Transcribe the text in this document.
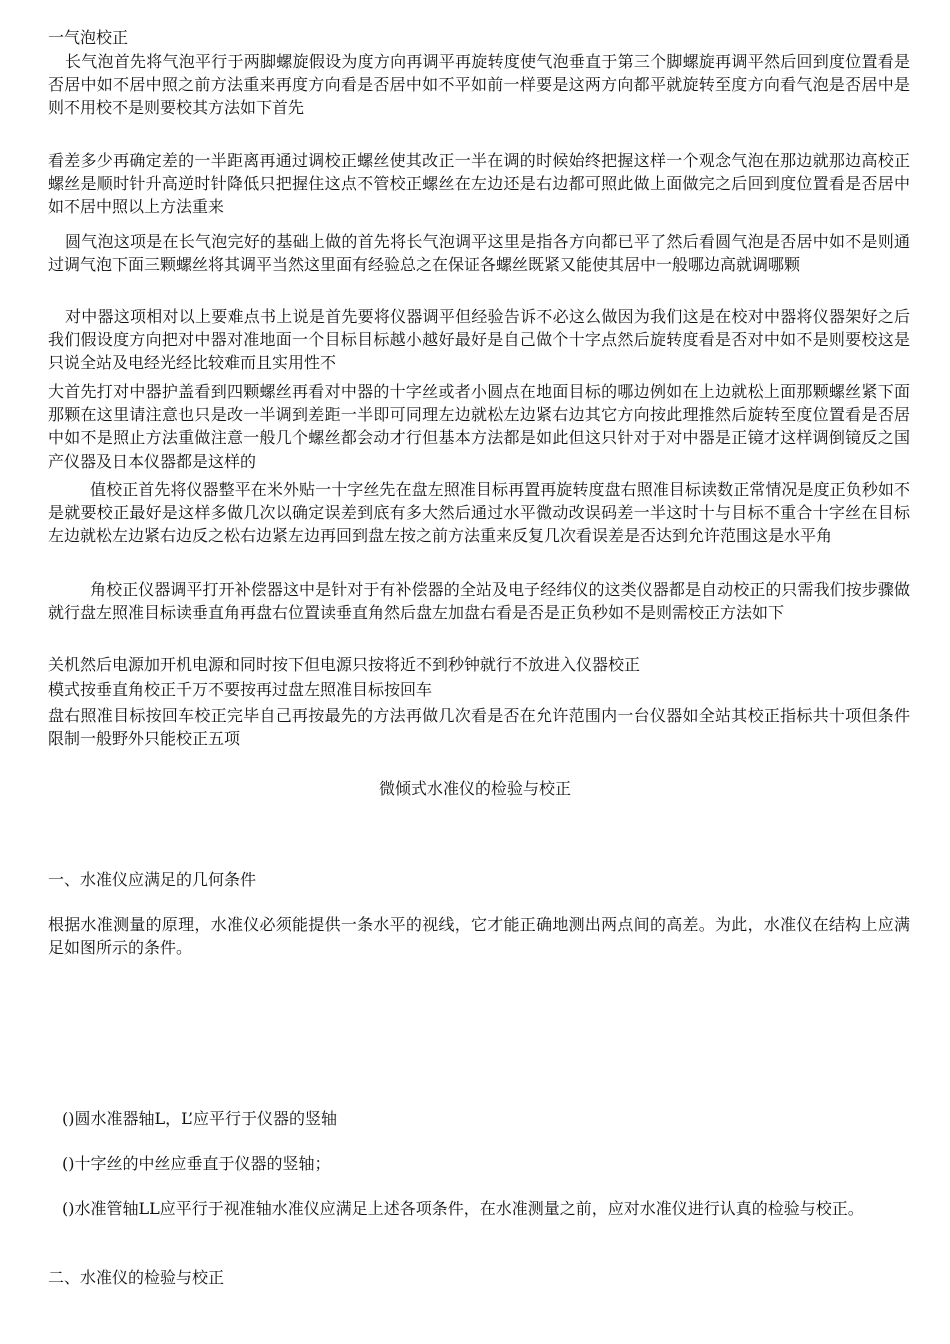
一气泡校正

长气泡首先将气泡平行于两脚螺旋假设为度方向再调平再旋转度使气泡垂直于第三个脚螺旋再调平然后回到度位置看是否居中如不居中照之前方法重来再度方向看是否居中如不平如前一样要是这两方向都平就旋转至度方向看气泡是否居中是则不用校不是则要校其方法如下首先

看差多少再确定差的一半距离再通过调校正螺丝使其改正一半在调的时候始终把握这样一个观念气泡在那边就那边高校正螺丝是顺时针升高逆时针降低只把握住这点不管校正螺丝在左边还是右边都可照此做上面做完之后回到度位置看是否居中如不居中照以上方法重来

圆气泡这项是在长气泡完好的基础上做的首先将长气泡调平这里是指各方向都已平了然后看圆气泡是否居中如不是则通过调气泡下面三颗螺丝将其调平当然这里面有经验总之在保证各螺丝既紧又能使其居中一般哪边高就调哪颗

对中器这项相对以上要难点书上说是首先要将仪器调平但经验告诉不必这么做因为我们这是在校对中器将仪器架好之后我们假设度方向把对中器对准地面一个目标目标越小越好最好是自己做个十字点然后旋转度看是否对中如不是则要校这是只说全站及电经光经比较难而且实用性不

大首先打对中器护盖看到四颗螺丝再看对中器的十字丝或者小圆点在地面目标的哪边例如在上边就松上面那颗螺丝紧下面那颗在这里请注意也只是改一半调到差距一半即可同理左边就松左边紧右边其它方向按此理推然后旋转至度位置看是否居中如不是照止方法重做注意一般几个螺丝都会动才行但基本方法都是如此但这只针对于对中器是正镜才这样调倒镜反之国产仪器及日本仪器都是这样的

值校正首先将仪器整平在米外贴一十字丝先在盘左照准目标再置再旋转度盘右照准目标读数正常情况是度正负秒如不是就要校正最好是这样多做几次以确定误差到底有多大然后通过水平微动改误码差一半这时十与目标不重合十字丝在目标左边就松左边紧右边反之松右边紧左边再回到盘左按之前方法重来反复几次看误差是否达到允许范围这是水平角

角校正仪器调平打开补偿器这中是针对于有补偿器的全站及电子经纬仪的这类仪器都是自动校正的只需我们按步骤做就行盘左照准目标读垂直角再盘右位置读垂直角然后盘左加盘右看是否是正负秒如不是则需校正方法如下

关机然后电源加开机电源和同时按下但电源只按将近不到秒钟就行不放进入仪器校正

模式按垂直角校正千万不要按再过盘左照准目标按回车

盘右照准目标按回车校正完毕自己再按最先的方法再做几次看是否在允许范围内一台仪器如全站其校正指标共十项但条件限制一般野外只能校正五项

微倾式水准仪的检验与校正

一、水准仪应满足的几何条件

根据水准测量的原理，水准仪必须能提供一条水平的视线，它才能正确地测出两点间的高差。为此，水准仪在结构上应满足如图所示的条件。

()圆水准器轴L，L’应平行于仪器的竖轴

()十字丝的中丝应垂直于仪器的竖轴；

()水准管轴LL应平行于视准轴水准仪应满足上述各项条件，在水准测量之前，应对水准仪进行认真的检验与校正。

二、水准仪的检验与校正
